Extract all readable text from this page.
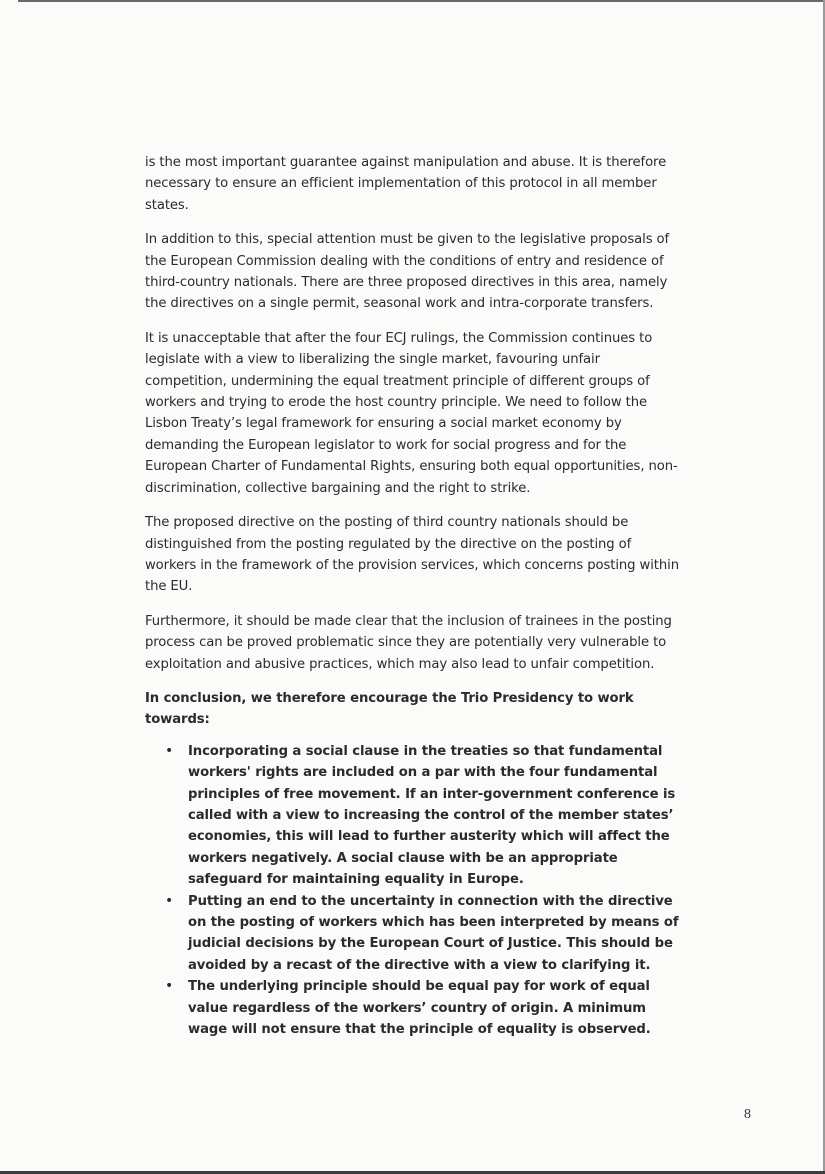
is the most important guarantee against manipulation and abuse. It is therefore necessary to ensure an efficient implementation of this protocol in all member states.

In addition to this, special attention must be given to the legislative proposals of the European Commission dealing with the conditions of entry and residence of third-country nationals. There are three proposed directives in this area, namely the directives on a single permit, seasonal work and intra-corporate transfers.

It is unacceptable that after the four ECJ rulings, the Commission continues to legislate with a view to liberalizing the single market, favouring unfair competition, undermining the equal treatment principle of different groups of workers and trying to erode the host country principle. We need to follow the Lisbon Treaty’s legal framework for ensuring a social market economy by demanding the European legislator to work for social progress and for the European Charter of Fundamental Rights, ensuring both equal opportunities, non-discrimination, collective bargaining and the right to strike.

The proposed directive on the posting of third country nationals should be distinguished from the posting regulated by the directive on the posting of workers in the framework of the provision services, which concerns posting within the EU.

Furthermore, it should be made clear that the inclusion of trainees in the posting process can be proved problematic since they are potentially very vulnerable to exploitation and abusive practices, which may also lead to unfair competition.

In conclusion, we therefore encourage the Trio Presidency to work towards:

• Incorporating a social clause in the treaties so that fundamental workers' rights are included on a par with the four fundamental principles of free movement. If an inter-government conference is called with a view to increasing the control of the member states’ economies, this will lead to further austerity which will affect the workers negatively. A social clause with be an appropriate safeguard for maintaining equality in Europe.
• Putting an end to the uncertainty in connection with the directive on the posting of workers which has been interpreted by means of judicial decisions by the European Court of Justice. This should be avoided by a recast of the directive with a view to clarifying it.
• The underlying principle should be equal pay for work of equal value regardless of the workers’ country of origin. A minimum wage will not ensure that the principle of equality is observed.
8
